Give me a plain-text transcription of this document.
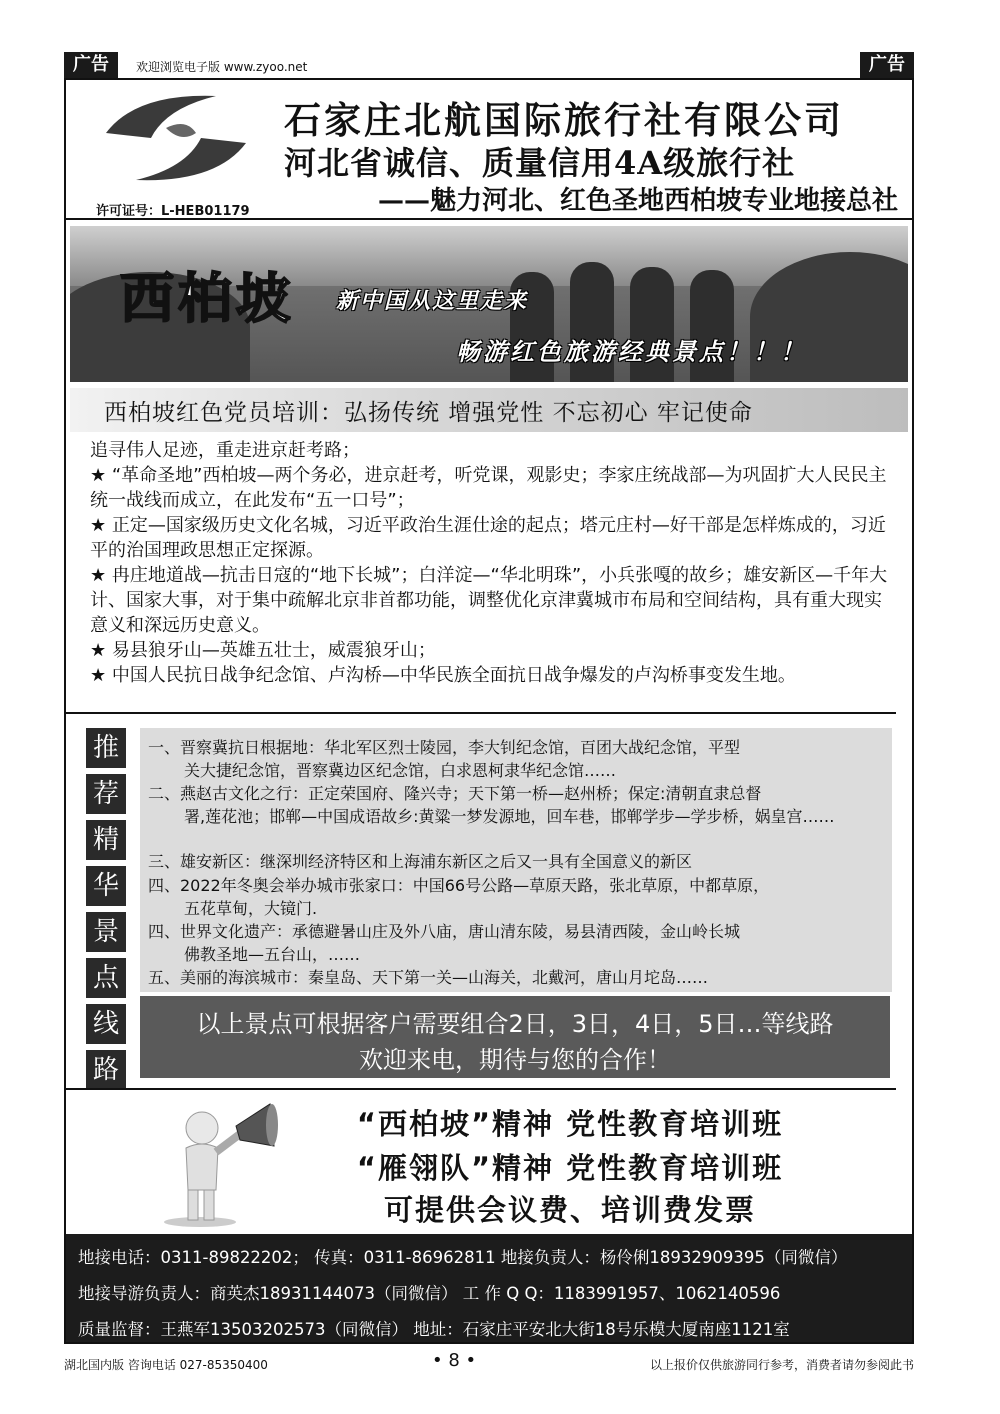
广告	欢迎浏览电子版 www.zyoo.net	广告
石家庄北航国际旅行社有限公司
河北省诚信、质量信用4A级旅行社
——魅力河北、红色圣地西柏坡专业地接总社
许可证号：L-HEB01179
西柏坡 新中国从这里走来
畅游红色旅游经典景点！！！
西柏坡红色党员培训：弘扬传统 增强党性 不忘初心 牢记使命

追寻伟人足迹，重走进京赶考路；

★ “革命圣地”西柏坡—两个务必，进京赶考，听党课，观影史；李家庄统战部—为巩固扩大人民民主统一战线而成立，在此发布“五一口号”；

★ 正定—国家级历史文化名城，习近平政治生涯仕途的起点；塔元庄村—好干部是怎样炼成的，习近平的治国理政思想正定探源。

★ 冉庄地道战—抗击日寇的“地下长城”；白洋淀—“华北明珠”，小兵张嘎的故乡；雄安新区—千年大计、国家大事，对于集中疏解北京非首都功能，调整优化京津冀城市布局和空间结构，具有重大现实意义和深远历史意义。

★ 易县狼牙山—英雄五壮士，威震狼牙山；

★ 中国人民抗日战争纪念馆、卢沟桥—中华民族全面抗日战争爆发的卢沟桥事变发生地。

推
荐
精
华
景
点
线
路
一、晋察冀抗日根据地：华北军区烈士陵园，李大钊纪念馆，百团大战纪念馆，平型
关大捷纪念馆，晋察冀边区纪念馆，白求恩柯隶华纪念馆……
二、燕赵古文化之行：正定荣国府、隆兴寺；天下第一桥—赵州桥；保定:清朝直隶总督
署,莲花池；邯郸—中国成语故乡:黄粱一梦发源地，回车巷，邯郸学步—学步桥，娲皇宫……
三、雄安新区：继深圳经济特区和上海浦东新区之后又一具有全国意义的新区
四、2022年冬奥会举办城市张家口：中国66号公路—草原天路，张北草原，中都草原，
五花草甸，大镜门.
四、世界文化遗产：承德避暑山庄及外八庙，唐山清东陵，易县清西陵，金山岭长城
佛教圣地—五台山，……
五、美丽的海滨城市：秦皇岛、天下第一关—山海关，北戴河，唐山月坨岛……
以上景点可根据客户需要组合2日，3日，4日，5日…等线路
欢迎来电，期待与您的合作！
“西柏坡”精神 党性教育培训班
“雁翎队”精神 党性教育培训班
可提供会议费、培训费发票
地接电话：0311-89822202； 传真：0311-86962811 地接负责人：杨伶俐18932909395（同微信）
地接导游负责人：商英杰18931144073（同微信） 工 作 Q Q：1183991957、1062140596
质量监督：王燕军13503202573（同微信） 地址：石家庄平安北大街18号乐模大厦南座1121室
湖北国内版 咨询电话 027-85350400	• 8 •	以上报价仅供旅游同行参考，消费者请勿参阅此书
